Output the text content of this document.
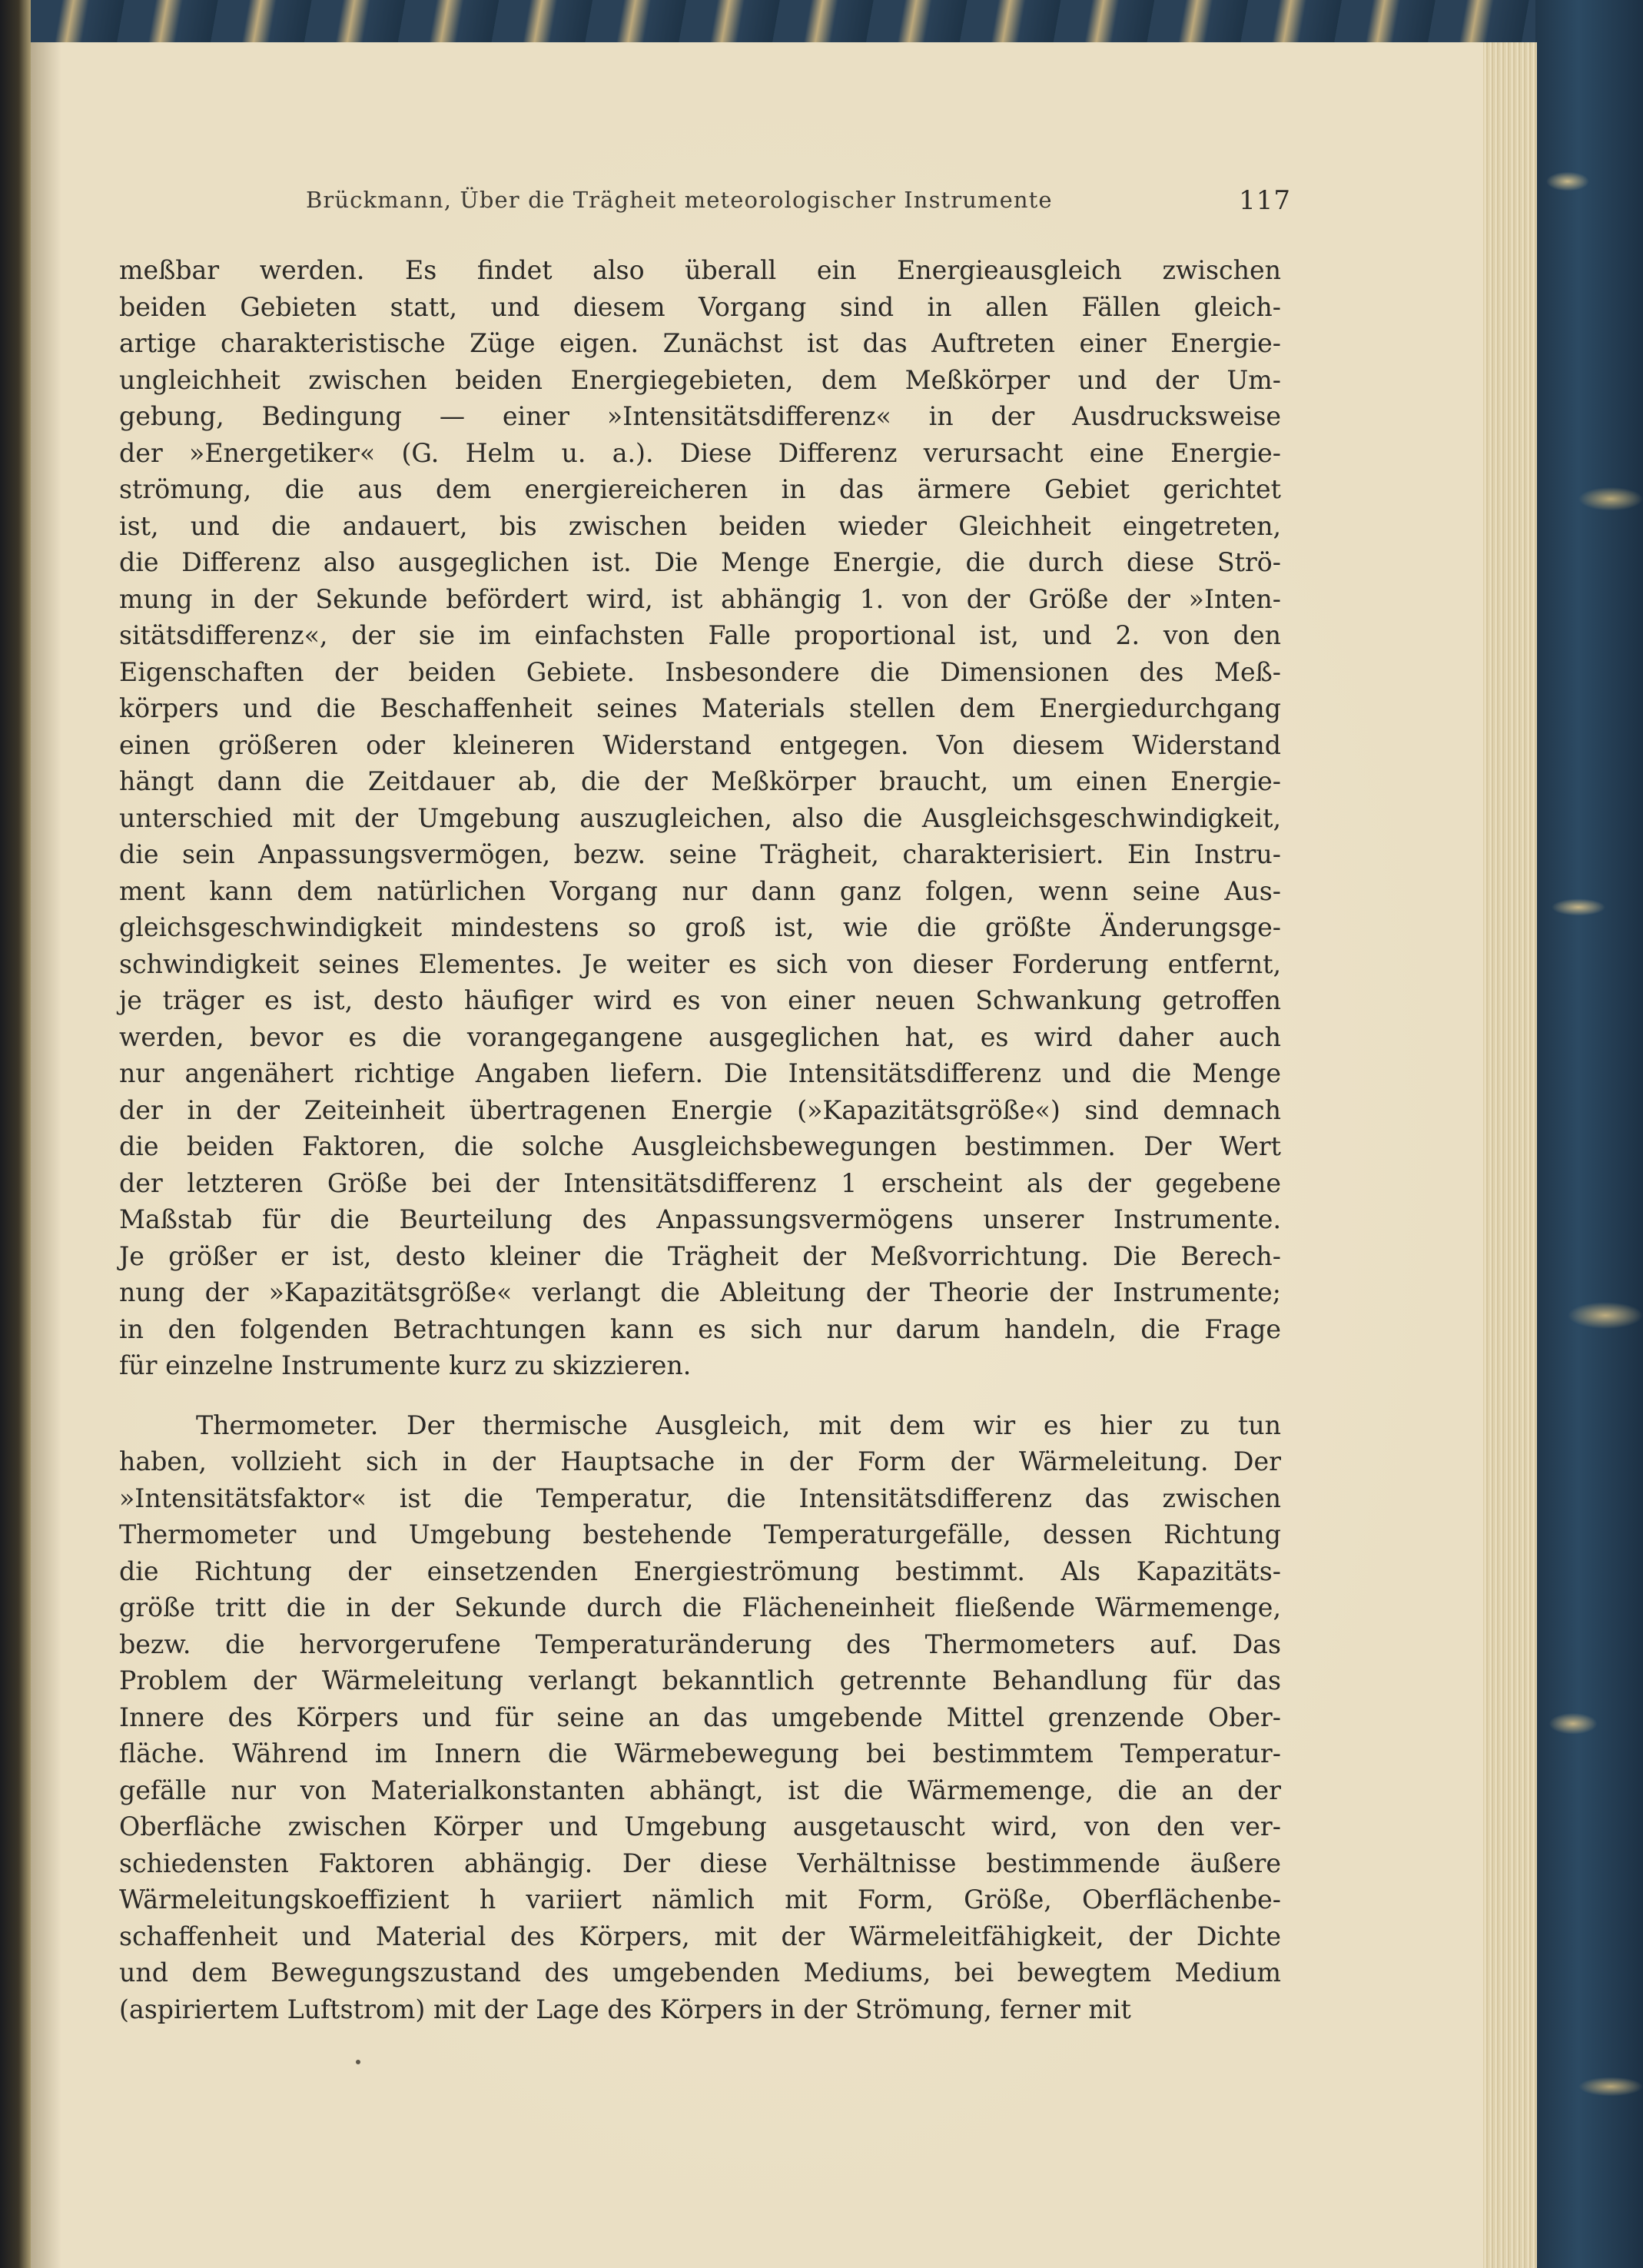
Brückmann, Über die Trägheit meteorologischer Instrumente	117
meßbar werden. Es findet also überall ein Energieausgleich zwischen
beiden Gebieten statt, und diesem Vorgang sind in allen Fällen gleich-
artige charakteristische Züge eigen. Zunächst ist das Auftreten einer Energie-
ungleichheit zwischen beiden Energiegebieten, dem Meßkörper und der Um-
gebung, Bedingung — einer »Intensitätsdifferenz« in der Ausdrucksweise
der »Energetiker« (G. Helm u. a.). Diese Differenz verursacht eine Energie-
strömung, die aus dem energiereicheren in das ärmere Gebiet gerichtet
ist, und die andauert, bis zwischen beiden wieder Gleichheit eingetreten,
die Differenz also ausgeglichen ist. Die Menge Energie, die durch diese Strö-
mung in der Sekunde befördert wird, ist abhängig 1. von der Größe der »Inten-
sitätsdifferenz«, der sie im einfachsten Falle proportional ist, und 2. von den
Eigenschaften der beiden Gebiete. Insbesondere die Dimensionen des Meß-
körpers und die Beschaffenheit seines Materials stellen dem Energiedurchgang
einen größeren oder kleineren Widerstand entgegen. Von diesem Widerstand
hängt dann die Zeitdauer ab, die der Meßkörper braucht, um einen Energie-
unterschied mit der Umgebung auszugleichen, also die Ausgleichsgeschwindigkeit,
die sein Anpassungsvermögen, bezw. seine Trägheit, charakterisiert. Ein Instru-
ment kann dem natürlichen Vorgang nur dann ganz folgen, wenn seine Aus-
gleichsgeschwindigkeit mindestens so groß ist, wie die größte Änderungsge-
schwindigkeit seines Elementes. Je weiter es sich von dieser Forderung entfernt,
je träger es ist, desto häufiger wird es von einer neuen Schwankung getroffen
werden, bevor es die vorangegangene ausgeglichen hat, es wird daher auch
nur angenähert richtige Angaben liefern. Die Intensitätsdifferenz und die Menge
der in der Zeiteinheit übertragenen Energie (»Kapazitätsgröße«) sind demnach
die beiden Faktoren, die solche Ausgleichsbewegungen bestimmen. Der Wert
der letzteren Größe bei der Intensitätsdifferenz 1 erscheint als der gegebene
Maßstab für die Beurteilung des Anpassungsvermögens unserer Instrumente.
Je größer er ist, desto kleiner die Trägheit der Meßvorrichtung. Die Berech-
nung der »Kapazitätsgröße« verlangt die Ableitung der Theorie der Instrumente;
in den folgenden Betrachtungen kann es sich nur darum handeln, die Frage
für einzelne Instrumente kurz zu skizzieren.
Thermometer. Der thermische Ausgleich, mit dem wir es hier zu tun
haben, vollzieht sich in der Hauptsache in der Form der Wärmeleitung. Der
»Intensitätsfaktor« ist die Temperatur, die Intensitätsdifferenz das zwischen
Thermometer und Umgebung bestehende Temperaturgefälle, dessen Richtung
die Richtung der einsetzenden Energieströmung bestimmt. Als Kapazitäts-
größe tritt die in der Sekunde durch die Flächeneinheit fließende Wärmemenge,
bezw. die hervorgerufene Temperaturänderung des Thermometers auf. Das
Problem der Wärmeleitung verlangt bekanntlich getrennte Behandlung für das
Innere des Körpers und für seine an das umgebende Mittel grenzende Ober-
fläche. Während im Innern die Wärmebewegung bei bestimmtem Temperatur-
gefälle nur von Materialkonstanten abhängt, ist die Wärmemenge, die an der
Oberfläche zwischen Körper und Umgebung ausgetauscht wird, von den ver-
schiedensten Faktoren abhängig. Der diese Verhältnisse bestimmende äußere
Wärmeleitungskoeffizient h variiert nämlich mit Form, Größe, Oberflächenbe-
schaffenheit und Material des Körpers, mit der Wärmeleitfähigkeit, der Dichte
und dem Bewegungszustand des umgebenden Mediums, bei bewegtem Medium
(aspiriertem Luftstrom) mit der Lage des Körpers in der Strömung, ferner mit
